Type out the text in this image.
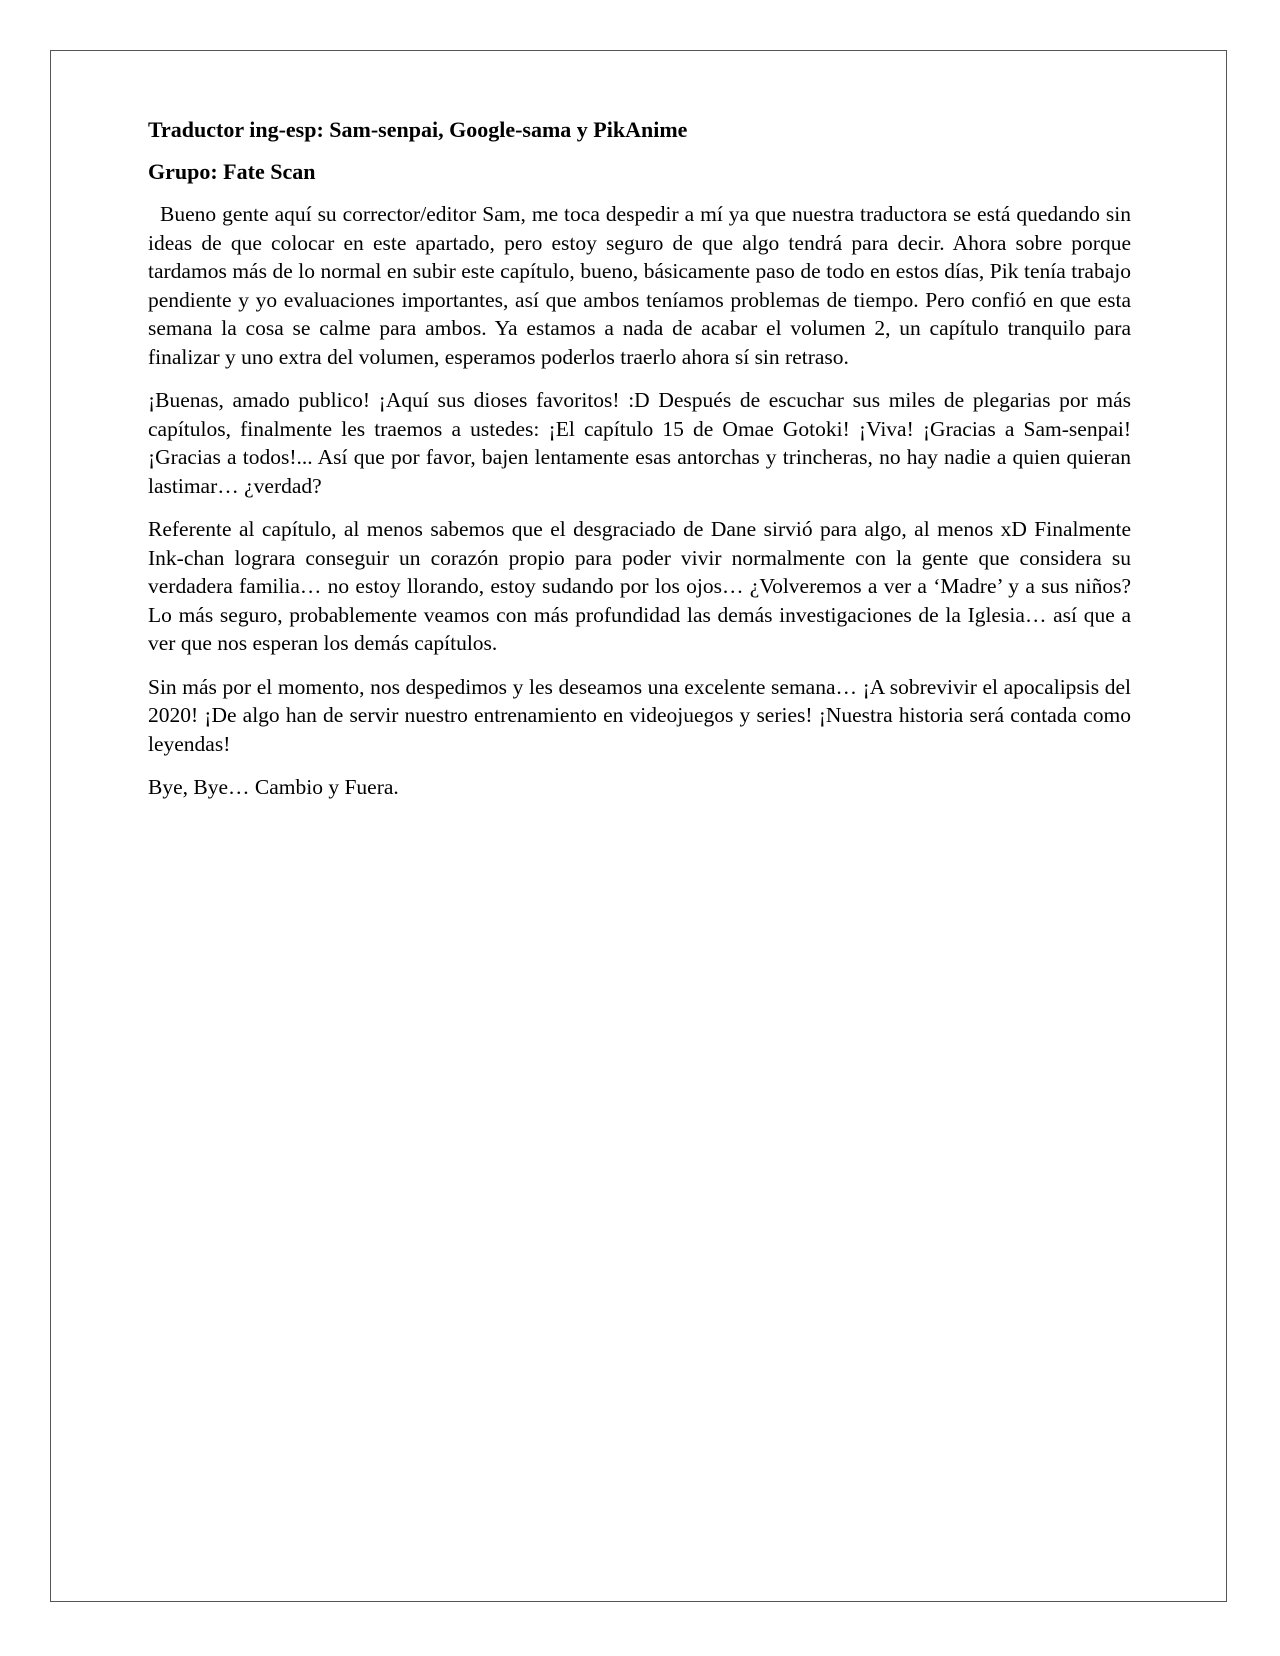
Traductor ing-esp: Sam-senpai, Google-sama y PikAnime

Grupo: Fate Scan

Bueno gente aquí su corrector/editor Sam, me toca despedir a mí ya que nuestra traductora se está quedando sin ideas de que colocar en este apartado, pero estoy seguro de que algo tendrá para decir. Ahora sobre porque tardamos más de lo normal en subir este capítulo, bueno, básicamente paso de todo en estos días, Pik tenía trabajo pendiente y yo evaluaciones importantes, así que ambos teníamos problemas de tiempo. Pero confió en que esta semana la cosa se calme para ambos. Ya estamos a nada de acabar el volumen 2, un capítulo tranquilo para finalizar y uno extra del volumen, esperamos poderlos traerlo ahora sí sin retraso.

¡Buenas, amado publico! ¡Aquí sus dioses favoritos! :D Después de escuchar sus miles de plegarias por más capítulos, finalmente les traemos a ustedes: ¡El capítulo 15 de Omae Gotoki! ¡Viva! ¡Gracias a Sam-senpai! ¡Gracias a todos!... Así que por favor, bajen lentamente esas antorchas y trincheras, no hay nadie a quien quieran lastimar… ¿verdad?

Referente al capítulo, al menos sabemos que el desgraciado de Dane sirvió para algo, al menos xD Finalmente Ink-chan lograra conseguir un corazón propio para poder vivir normalmente con la gente que considera su verdadera familia… no estoy llorando, estoy sudando por los ojos… ¿Volveremos a ver a ‘Madre’ y a sus niños? Lo más seguro, probablemente veamos con más profundidad las demás investigaciones de la Iglesia… así que a ver que nos esperan los demás capítulos.

Sin más por el momento, nos despedimos y les deseamos una excelente semana… ¡A sobrevivir el apocalipsis del 2020! ¡De algo han de servir nuestro entrenamiento en videojuegos y series! ¡Nuestra historia será contada como leyendas!

Bye, Bye… Cambio y Fuera.
